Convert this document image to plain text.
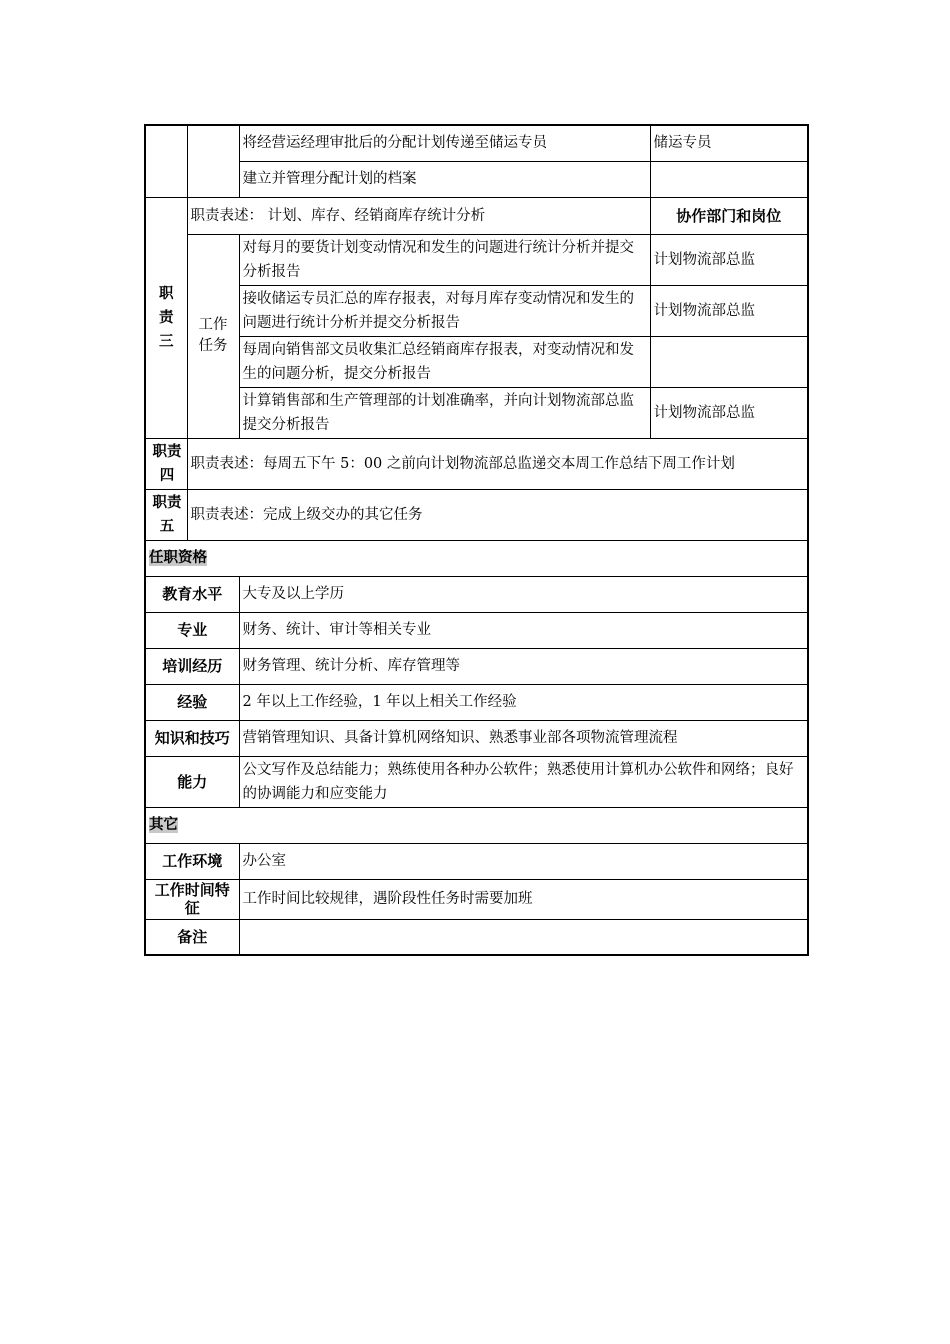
		将经营运经理审批后的分配计划传递至储运专员	储运专员
		建立并管理分配计划的档案	
职责三	职责表述： 计划、库存、经销商库存统计分析		协作部门和岗位
	工作任务	对每月的要货计划变动情况和发生的问题进行统计分析并提交分析报告	计划物流部总监
		接收储运专员汇总的库存报表，对每月库存变动情况和发生的问题进行统计分析并提交分析报告	计划物流部总监
		每周向销售部文员收集汇总经销商库存报表，对变动情况和发生的问题分析，提交分析报告	
		计算销售部和生产管理部的计划准确率，并向计划物流部总监提交分析报告	计划物流部总监
职责四	职责表述：每周五下午 5：00 之前向计划物流部总监递交本周工作总结下周工作计划		
职责五	职责表述：完成上级交办的其它任务		
任职资格			
教育水平		大专及以上学历	
专业		财务、统计、审计等相关专业	
培训经历		财务管理、统计分析、库存管理等	
经验		2 年以上工作经验，1 年以上相关工作经验	
知识和技巧		营销管理知识、具备计算机网络知识、熟悉事业部各项物流管理流程	
能力		公文写作及总结能力；熟练使用各种办公软件；熟悉使用计算机办公软件和网络；良好的协调能力和应变能力	
其它			
工作环境		办公室	
工作时间特征		工作时间比较规律，遇阶段性任务时需要加班	
备注			
